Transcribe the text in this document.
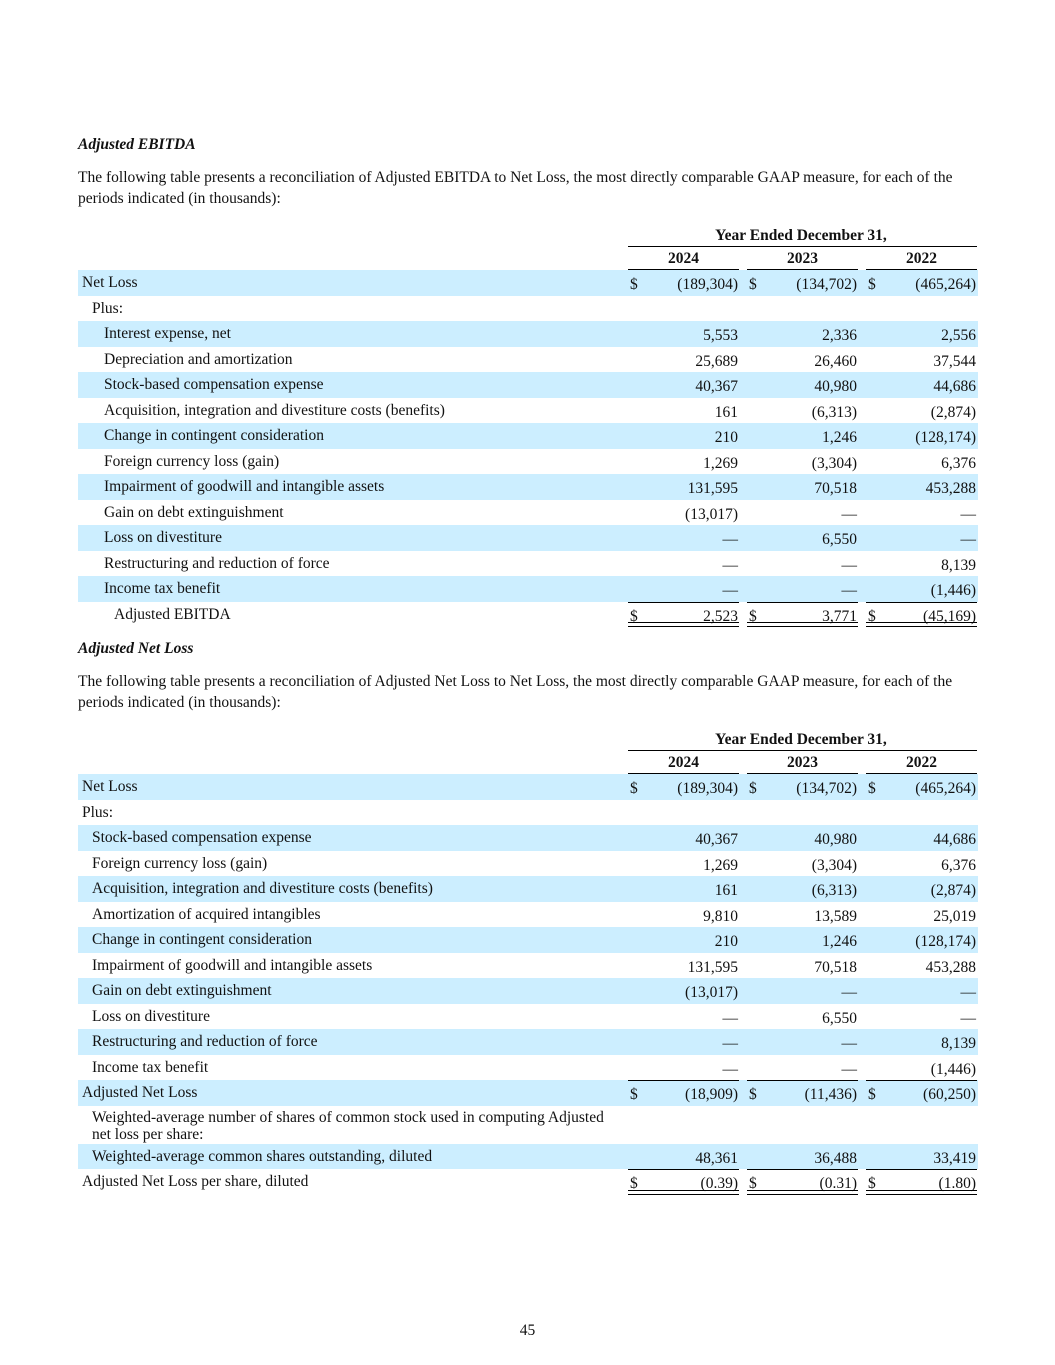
Adjusted EBITDA

The following table presents a reconciliation of Adjusted EBITDA to Net Loss, the most directly comparable GAAP measure, for each of the periods indicated (in thousands):

Year Ended December 31,
2024	2023	2022
Net Loss	$	(189,304) $	(134,702) $	(465,264)
Plus:
Interest expense, net	5,553	2,336	2,556
Depreciation and amortization	25,689	26,460	37,544
Stock-based compensation expense	40,367	40,980	44,686
Acquisition, integration and divestiture costs (benefits)	161	(6,313)	(2,874)
Change in contingent consideration	210	1,246	(128,174)
Foreign currency loss (gain)	1,269	(3,304)	6,376
Impairment of goodwill and intangible assets	131,595	70,518	453,288
Gain on debt extinguishment	(13,017)	—	—
Loss on divestiture	—	6,550	—
Restructuring and reduction of force	—	—	8,139
Income tax benefit	—	—	(1,446)
Adjusted EBITDA	$	2,523 $	3,771 $	(45,169)

Adjusted Net Loss

The following table presents a reconciliation of Adjusted Net Loss to Net Loss, the most directly comparable GAAP measure, for each of the periods indicated (in thousands):

Year Ended December 31,
2024	2023	2022
Net Loss	$	(189,304) $	(134,702) $	(465,264)
Plus:
Stock-based compensation expense	40,367	40,980	44,686
Foreign currency loss (gain)	1,269	(3,304)	6,376
Acquisition, integration and divestiture costs (benefits)	161	(6,313)	(2,874)
Amortization of acquired intangibles	9,810	13,589	25,019
Change in contingent consideration	210	1,246	(128,174)
Impairment of goodwill and intangible assets	131,595	70,518	453,288
Gain on debt extinguishment	(13,017)	—	—
Loss on divestiture	—	6,550	—
Restructuring and reduction of force	—	—	8,139
Income tax benefit	—	—	(1,446)
Adjusted Net Loss	$	(18,909) $	(11,436) $	(60,250)
Weighted-average number of shares of common stock used in computing Adjusted net loss per share:
Weighted-average common shares outstanding, diluted	48,361	36,488	33,419
Adjusted Net Loss per share, diluted	$	(0.39) $	(0.31) $	(1.80)
45
